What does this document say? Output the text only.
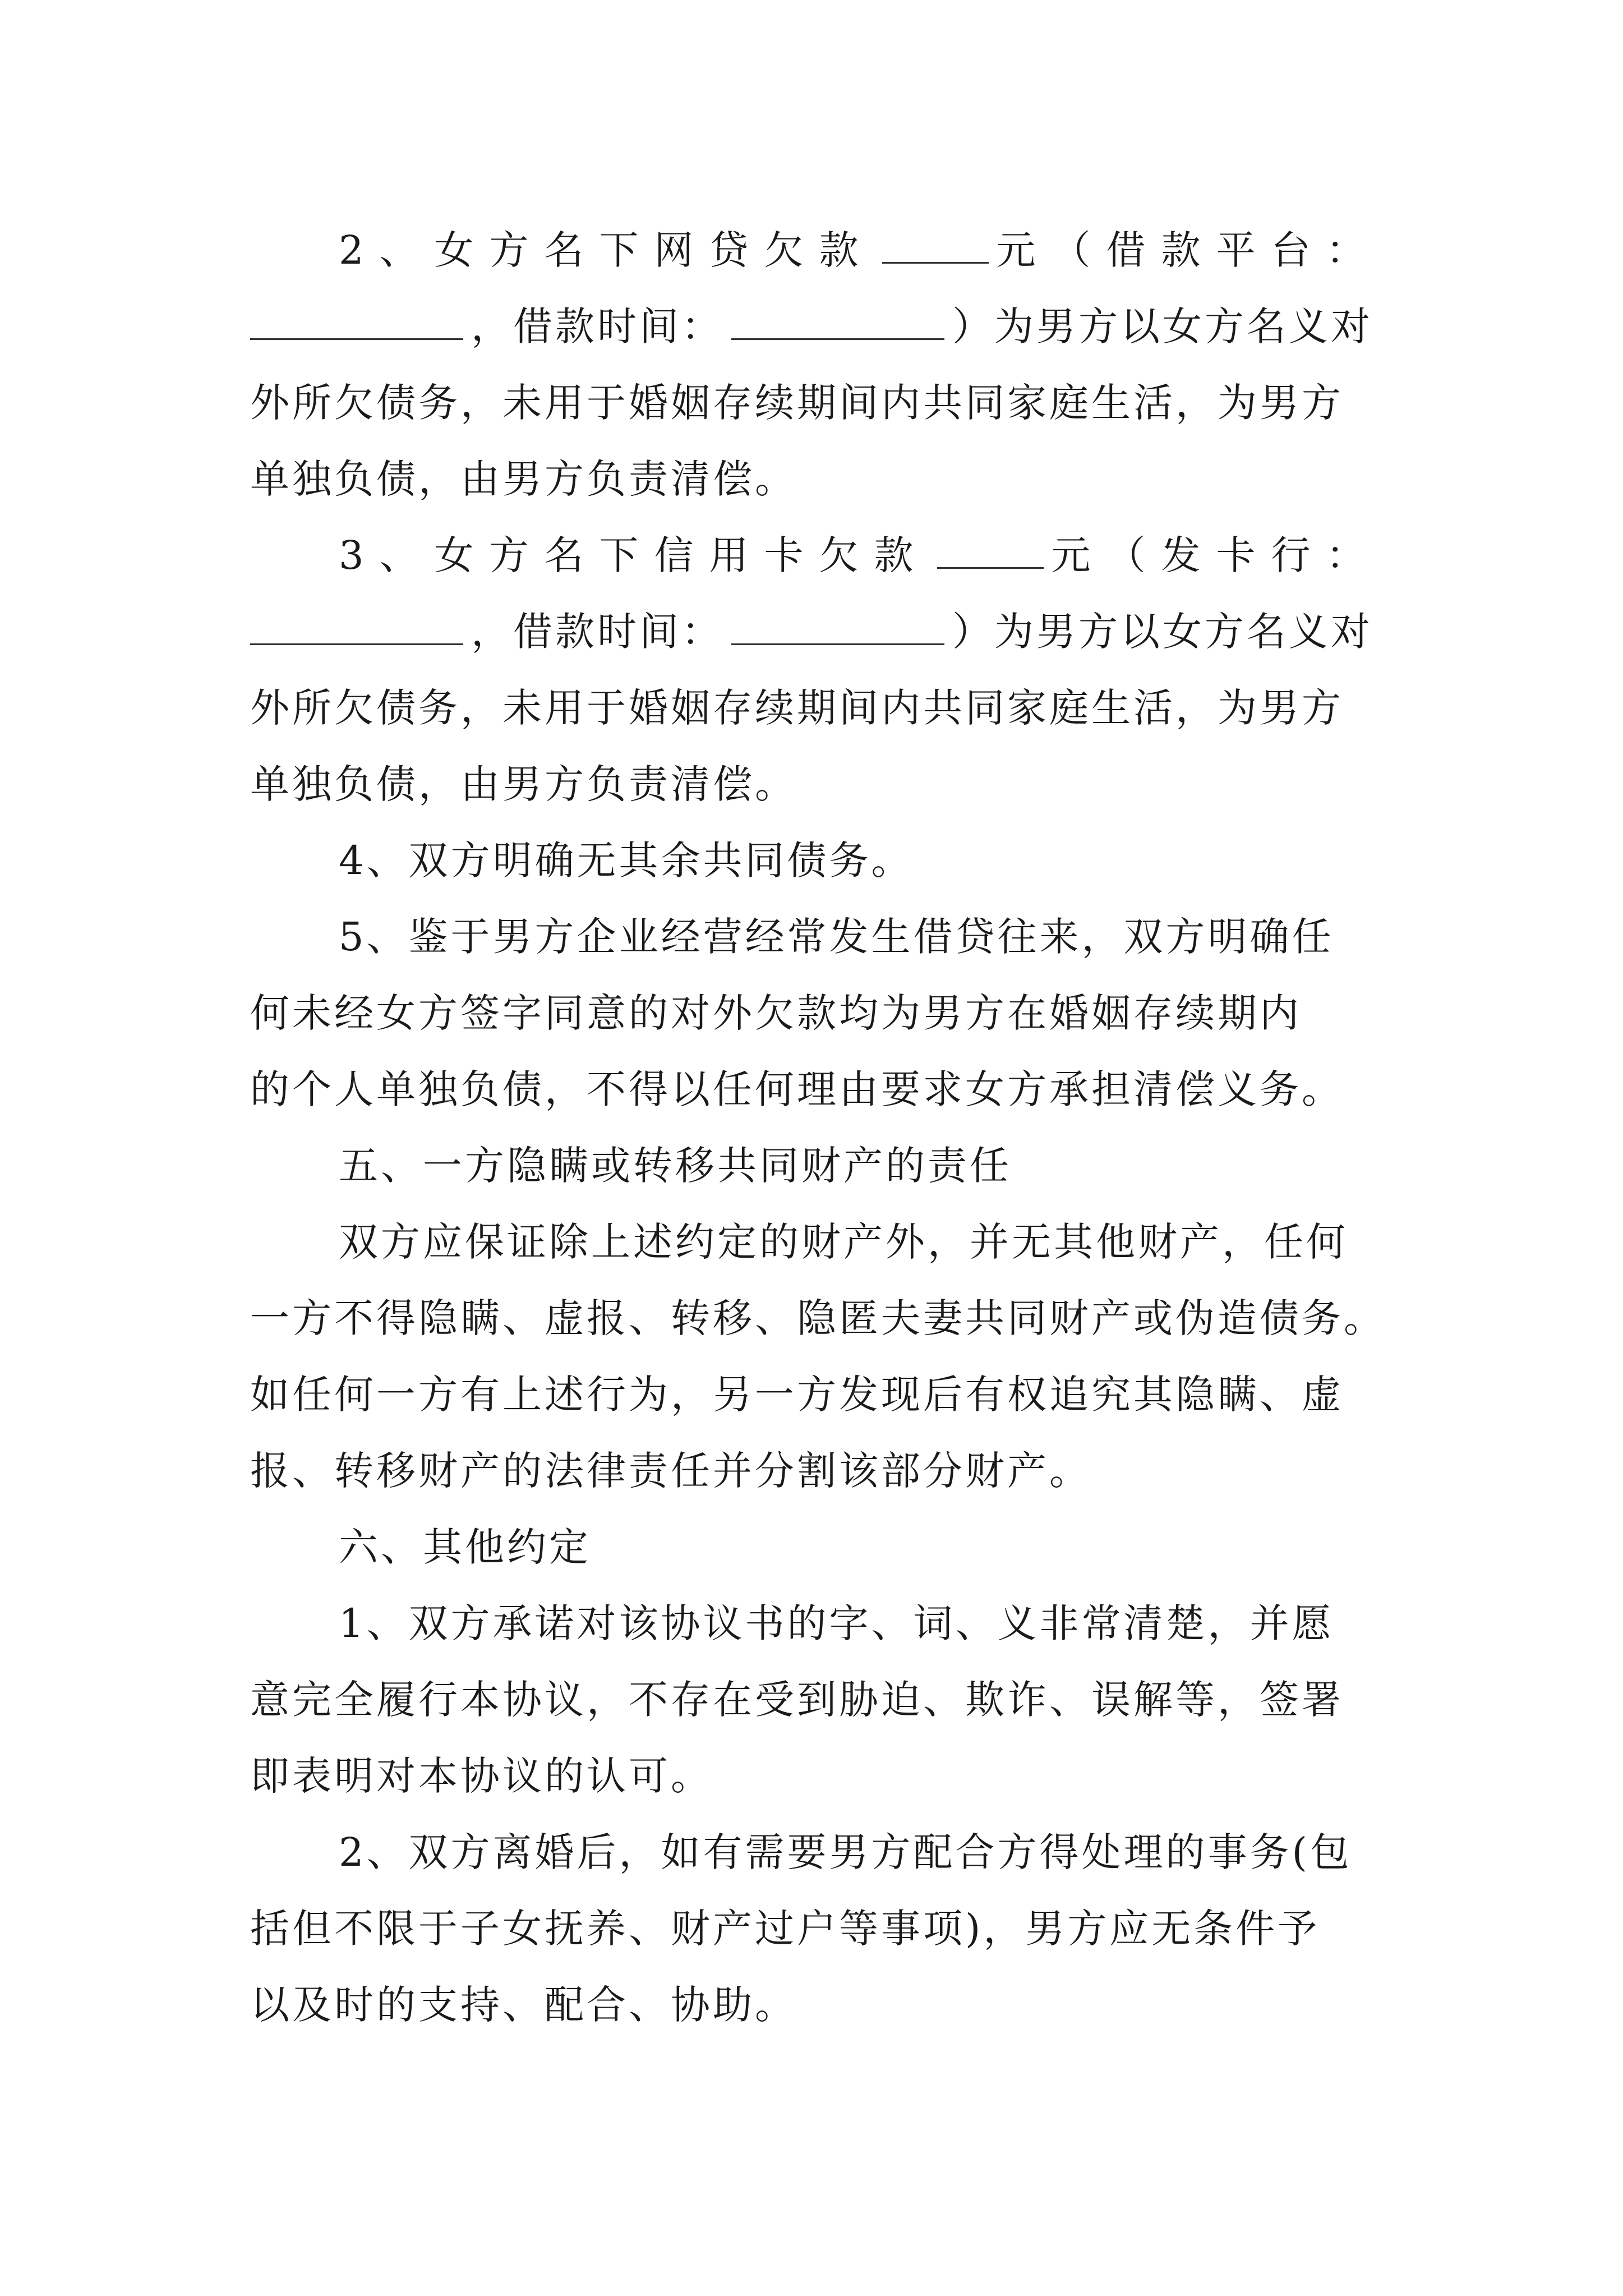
2、女方名下网贷欠款	元（借款平台：
，借款时间：	）为男方以女方名义对
外所欠债务，未用于婚姻存续期间内共同家庭生活，为男方
单独负债，由男方负责清偿。
3、女方名下信用卡欠款	元（发卡行：
，借款时间：	）为男方以女方名义对
外所欠债务，未用于婚姻存续期间内共同家庭生活，为男方
单独负债，由男方负责清偿。
4、双方明确无其余共同债务。
5、鉴于男方企业经营经常发生借贷往来，双方明确任
何未经女方签字同意的对外欠款均为男方在婚姻存续期内
的个人单独负债，不得以任何理由要求女方承担清偿义务。
五、一方隐瞒或转移共同财产的责任
双方应保证除上述约定的财产外，并无其他财产，任何
一方不得隐瞒、虚报、转移、隐匿夫妻共同财产或伪造债务。
如任何一方有上述行为，另一方发现后有权追究其隐瞒、虚
报、转移财产的法律责任并分割该部分财产。
六、其他约定
1、双方承诺对该协议书的字、词、义非常清楚，并愿
意完全履行本协议，不存在受到胁迫、欺诈、误解等，签署
即表明对本协议的认可。
2、双方离婚后，如有需要男方配合方得处理的事务(包
括但不限于子女抚养、财产过户等事项)，男方应无条件予
以及时的支持、配合、协助。
